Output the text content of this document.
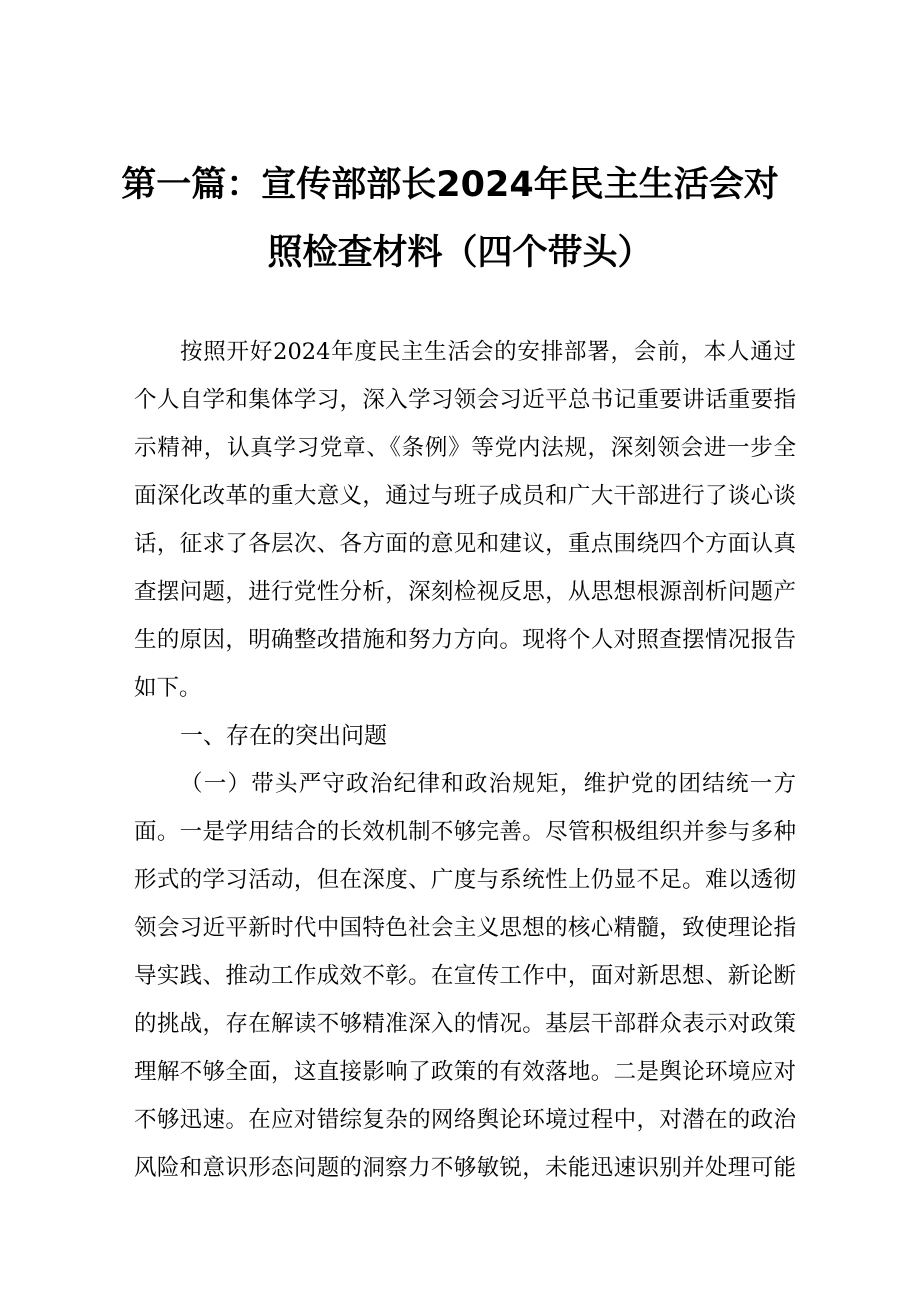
第一篇：宣传部部长2024年民主生活会对
照检查材料（四个带头）
按照开好2024年度民主生活会的安排部署，会前，本人通过
个人自学和集体学习，深入学习领会习近平总书记重要讲话重要指
示精神，认真学习党章、《条例》等党内法规，深刻领会进一步全
面深化改革的重大意义，通过与班子成员和广大干部进行了谈心谈
话，征求了各层次、各方面的意见和建议，重点围绕四个方面认真
查摆问题，进行党性分析，深刻检视反思，从思想根源剖析问题产
生的原因，明确整改措施和努力方向。现将个人对照查摆情况报告
如下。
一、存在的突出问题
（一）带头严守政治纪律和政治规矩，维护党的团结统一方
面。一是学用结合的长效机制不够完善。尽管积极组织并参与多种
形式的学习活动，但在深度、广度与系统性上仍显不足。难以透彻
领会习近平新时代中国特色社会主义思想的核心精髓，致使理论指
导实践、推动工作成效不彰。在宣传工作中，面对新思想、新论断
的挑战，存在解读不够精准深入的情况。基层干部群众表示对政策
理解不够全面，这直接影响了政策的有效落地。二是舆论环境应对
不够迅速。在应对错综复杂的网络舆论环境过程中，对潜在的政治
风险和意识形态问题的洞察力不够敏锐，未能迅速识别并处理可能
